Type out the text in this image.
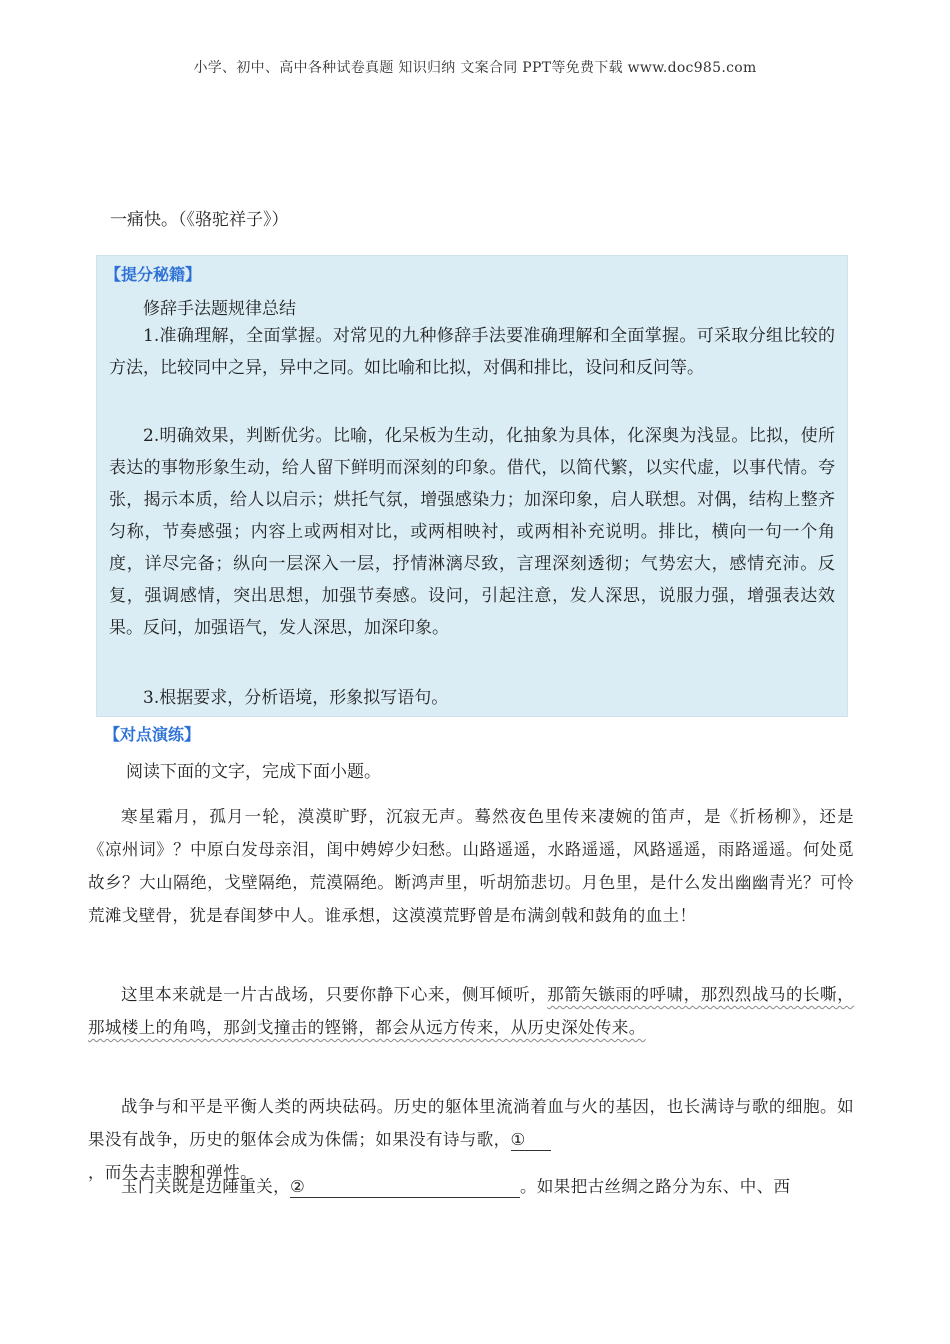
小学、初中、高中各种试卷真题 知识归纳 文案合同 PPT等免费下载 www.doc985.com
一痛快。（《骆驼祥子》）
【提分秘籍】
修辞手法题规律总结
1.准确理解，全面掌握。对常见的九种修辞手法要准确理解和全面掌握。可采取分组比较的方法，比较同中之异，异中之同。如比喻和比拟，对偶和排比，设问和反问等。
2.明确效果，判断优劣。比喻，化呆板为生动，化抽象为具体，化深奥为浅显。比拟，使所表达的事物形象生动，给人留下鲜明而深刻的印象。借代，以简代繁，以实代虚，以事代情。夸张，揭示本质，给人以启示；烘托气氛，增强感染力；加深印象，启人联想。对偶，结构上整齐匀称，节奏感强；内容上或两相对比，或两相映衬，或两相补充说明。排比，横向一句一个角度，详尽完备；纵向一层深入一层，抒情淋漓尽致，言理深刻透彻；气势宏大，感情充沛。反复，强调感情，突出思想，加强节奏感。设问，引起注意，发人深思，说服力强，增强表达效果。反问，加强语气，发人深思，加深印象。
3.根据要求，分析语境，形象拟写语句。
【对点演练】
阅读下面的文字，完成下面小题。
寒星霜月，孤月一轮，漠漠旷野，沉寂无声。蓦然夜色里传来凄婉的笛声，是《折杨柳》，还是《凉州词》？中原白发母亲泪，闺中娉婷少妇愁。山路遥遥，水路遥遥，风路遥遥，雨路遥遥。何处觅故乡？大山隔绝，戈壁隔绝，荒漠隔绝。断鸿声里，听胡笳悲切。月色里，是什么发出幽幽青光？可怜荒滩戈壁骨，犹是春闺梦中人。谁承想，这漠漠荒野曾是布满剑戟和鼓角的血土！
这里本来就是一片古战场，只要你静下心来，侧耳倾听，那箭矢镞雨的呼啸，那烈烈战马的长嘶，那城楼上的角鸣，那剑戈撞击的铿锵，都会从远方传来，从历史深处传来。
战争与和平是平衡人类的两块砝码。历史的躯体里流淌着血与火的基因，也长满诗与歌的细胞。如果没有战争，历史的躯体会成为侏儒；如果没有诗与歌，①
，而失去丰腴和弹性。
玉门关既是边陲重关，②	。如果把古丝绸之路分为东、中、西
